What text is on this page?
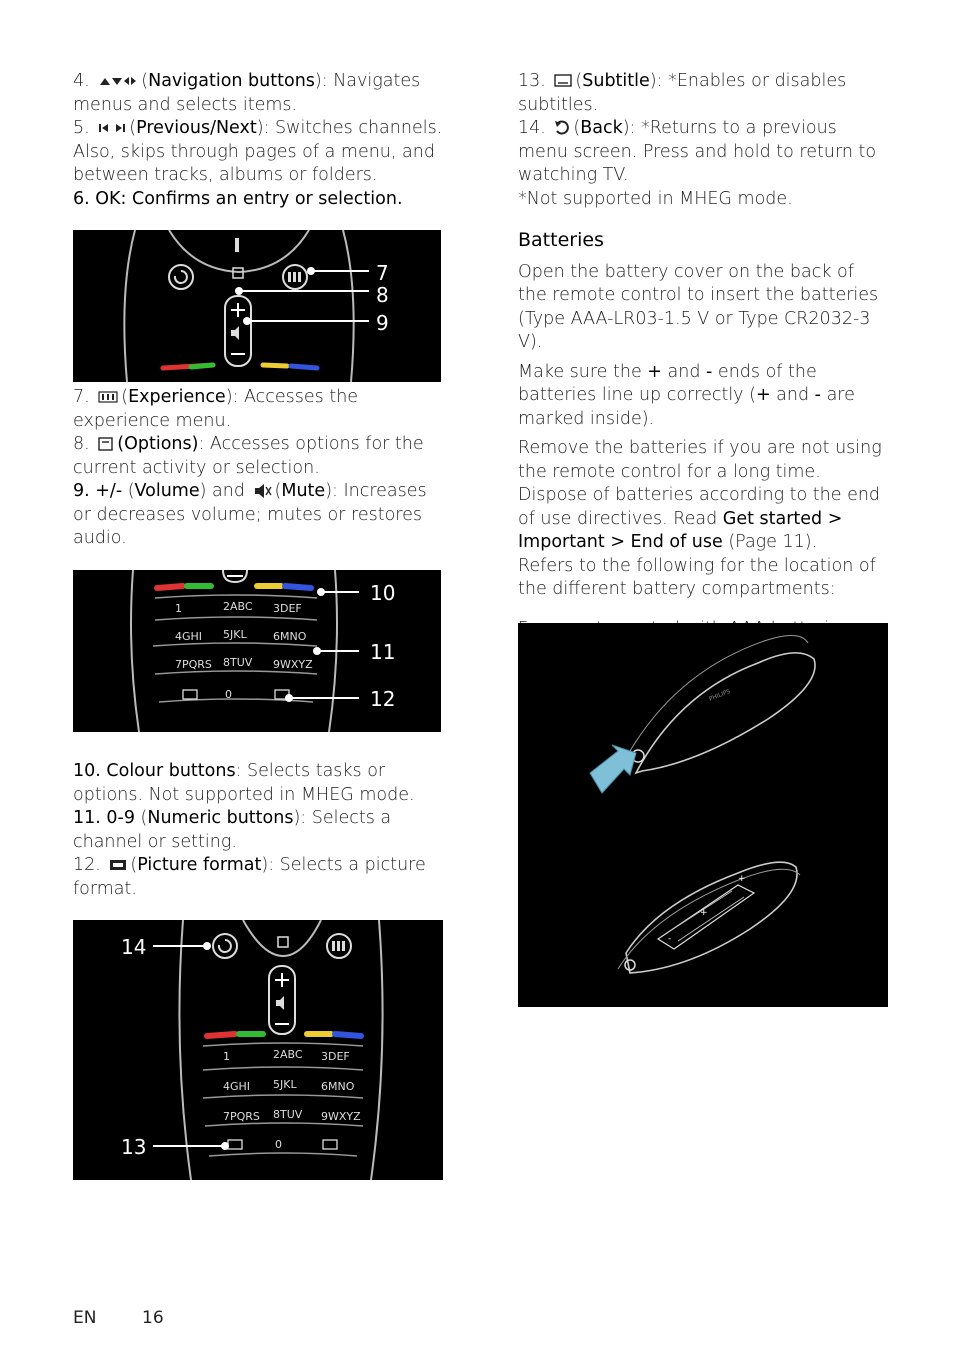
4.	(Navigation buttons): Navigates menus and selects items.

5. (Previous/Next): Switches channels. Also, skips through pages of a menu, and between tracks, albums or folders.

6. OK: Confirms an entry or selection.

7
8
9

7. (Experience): Accesses the experience menu.

8. (Options): Accesses options for the current activity or selection.

9. +/- (Volume) and (Mute): Increases or decreases volume; mutes or restores audio.

1	2ABC 3DEF
4GHI 5JKL 6MNO
7PQRS 8TUV 9WXYZ
0
10
11
12

10. Colour buttons: Selects tasks or options. Not supported in MHEG mode.

11. 0-9 (Numeric buttons): Selects a channel or setting.

12. (Picture format): Selects a picture format.

1	2ABC 3DEF
4GHI 5JKL 6MNO
7PQRS 8TUV 9WXYZ
0
14
13

13. (Subtitle): *Enables or disables subtitles.

14. (Back): *Returns to a previous menu screen. Press and hold to return to watching TV.

*Not supported in MHEG mode.

Batteries

Open the battery cover on the back of the remote control to insert the batteries (Type AAA-LR03-1.5 V or Type CR2032-3 V).

Make sure the + and - ends of the batteries line up correctly (+ and - are marked inside).

Remove the batteries if you are not using the remote control for a long time. Dispose of batteries according to the end of use directives. Read Get started > Important > End of use (Page 11).

Refers to the following for the location of the different battery compartments:

PHILIPS
+
+
-
EN	16
